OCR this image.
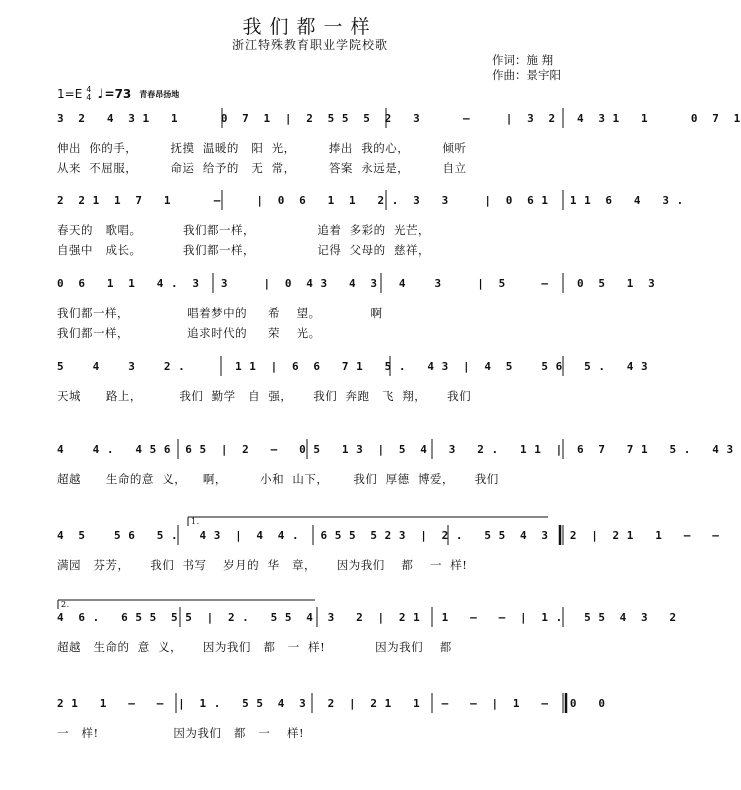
我们都一样
浙江特殊教育职业学院校歌
作词：施 翔
作曲：景宇阳
1=E 4
4 ♩ =73 青春昂扬地
3  2   4  3 1   1      0  7  1  |  2  5 5  5  2   3      –     |  3  2   4  3 1   1      0  7  1
伸出  你的手，        抚摸  温暖的   阳  光，        捧出  我的心，        倾听
从来  不屈服，        命运  给予的   无  常，        答案  永远是，        自立
2  2 1  1  7   1      –     |  0  6   1  1   2 .  3   3     |  0  6 1   1 1  6   4   3 .
春天的   歌唱。          我们都一样，               追着  多彩的  光芒，
自强中   成长。          我们都一样，               记得  父母的  慈祥，
0  6   1  1   4 .  3   3     |  0  4 3   4  3   4    3     |  5     –    0  5   1  3
我们都一样，              唱着梦中的     希    望。            啊
我们都一样，              追求时代的     荣    光。
5    4    3    2 .       1 1  |  6  6   7 1   5 .   4 3  |  4  5    5 6   5 .   4 3
天城      路上，         我们  勤学   自  强，     我们  奔跑   飞  翔，     我们
4    4 .   4 5 6  6 5  |  2   –   0 5   1 3  |  5  4   3   2 .   1 1  |  6  7   7 1   5 .   4 3
超越      生命的意  义，    啊，        小和  山下，      我们  厚德  博爱，     我们
4  5    5 6   5 .   4 3  |  4  4 .   6 5 5  5 2 3  |  2 .   5 5  4  3   2  |  2 1   1   –   –
满园   芬芳，     我们  书写    岁月的  华   章，     因为我们    都    一  样!
4  6 .   6 5 5  5 5  |  2 .   5 5  4  3   2  |  2 1   1   –   –  |  1 .   5 5  4  3   2
超越   生命的  意  义，     因为我们   都   一  样!            因为我们    都
2 1   1   –   –  |  1 .   5 5  4  3   2  |  2 1   1   –   –  |  1   –   0   0
一   样!                  因为我们   都   一    样!
1.
2.
